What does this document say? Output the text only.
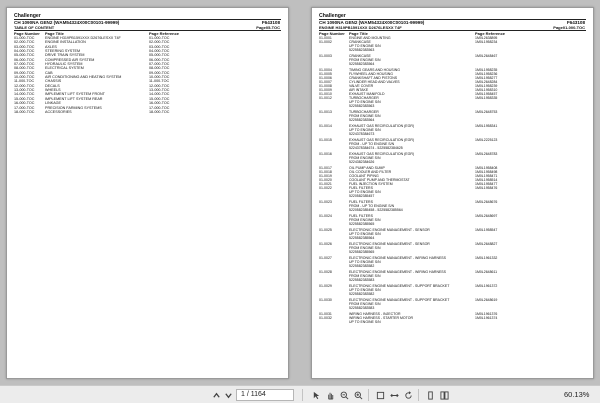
Challenger
CH 1090NA GEN2 (WAM54324X00C00101-99999)	F643108
TABLE OF CONTENT	Page05-TOC
Page Number Page Title	Page Reference
01-000-TOC	ENGINE H319PB1591XXX D2676LESXX T4F	01-000-TOC
02-000-TOC	ENGINE INSTALLATION	02-000-TOC
03-000-TOC	AXLES	03-000-TOC
04-000-TOC	STEERING SYSTEM	04-000-TOC
05-000-TOC	DRIVE TRAIN SYSTEM	05-000-TOC
06-000-TOC	COMPRESSED AIR SYSTEM	06-000-TOC
07-000-TOC	HYDRAULIC SYSTEM	07-000-TOC
08-000-TOC	ELECTRICAL SYSTEM	08-000-TOC
09-000-TOC	CAB	09-000-TOC
10-000-TOC	AIR CONDITIONING AND HEATING SYSTEM	10-000-TOC
11-000-TOC	CHASSIS	11-000-TOC
12-000-TOC	DECALS	12-000-TOC
13-000-TOC	WHEELS	13-000-TOC
14-000-TOC	IMPLEMENT LIFT SYSTEM FRONT	14-000-TOC
15-000-TOC	IMPLEMENT LIFT SYSTEM REAR	15-000-TOC
16-000-TOC	LINKAGE	16-000-TOC
17-000-TOC	PRECISION FARMING SYSTEMS	17-000-TOC
18-000-TOC	ACCESSORIES	18-000-TOC
Challenger
CH 1090NA GEN2 (WAM54324X00C00101-99999)	F643108
ENGINE H319PB1591XXX D2676LESXX T4F	Page01-000-TOC
Page Number Page Title	Page Reference
01-0001	ENGINE AND MOUNTING	1M0L2638895
01-0002	CRANKCASE	1M0L1958234
UP TO ENGINE S/N
5225582383563
01-0003	CRANKCASE	1M0L2648467
FROM ENGINE S/N
5225582383564
01-0004	TIMING GEARS AND HOUSING	1M0L1958235
01-0005	FLYWHEEL AND HOUSING	1M0L1958236
01-0006	CRANKSHAFT AND PISTONS	1M0L1958277
01-0007	CYLINDER HEAD AND VALVES	1M0L2648284
01-0008	VALVE COVER	1M0L1958239
01-0009	AIR INTAKE	1M0L1958310
01-0010	EXHAUST MANIFOLD	1M0L1958457
01-0012	TURBOCHARGER	1M0L1958335
UP TO ENGINE S/N
5225582383563
01-0013	TURBOCHARGER	1M0L2648753
FROM ENGINE S/N
5225582383564
01-0014	EXHAUST GAS RECIRCULATION (EGR)	1M0L1958341
UP TO ENGINE S/N
5224378384673
01-0015	EXHAUST GAS RECIRCULATION (EGR)	1M0L2225123
FROM - UP TO ENGINE S/N
5224378384674 - 5225582384625
01-0016	EXHAUST GAS RECIRCULATION (EGR)	1M0L2648783
FROM ENGINE S/N
5224382384626
01-0017	OIL PUMP AND SUMP	1M0L1958408
01-0018	OIL COOLER AND FILTER	1M0L1958498
01-0019	COOLANT PIPING	1M0L1958471
01-0020	COOLANT PUMP AND THERMOSTAT	1M0L1958514
01-0021	FUEL INJECTION SYSTEM	1M0L1958477
01-0022	FUEL FILTERS	1M0L1958476
UP TO ENGINE S/N
5220582385457
01-0023	FUEL FILTERS	1M0L2648676
FROM - UP TO ENGINE S/N
5220582385458 - 5225582385564
01-0024	FUEL FILTERS	1M0L2648697
FROM ENGINE S/N
5225582385565
01-0025	ELECTRONIC ENGINE MANAGEMENT - SENSOR	1M0L1958547
UP TO ENGINE S/N
5225582385564
01-0026	ELECTRONIC ENGINE MANAGEMENT - SENSOR	1M0L2648827
FROM ENGINE S/N
5225582385565
01-0027	ELECTRONIC ENGINE MANAGEMENT - WIRING HARNESS	1M0L1961332
UP TO ENGINE S/N
5225582383582
01-0028	ELECTRONIC ENGINE MANAGEMENT - WIRING HARNESS	1M0L2648611
FROM ENGINE S/N
5225582383583
01-0029	ELECTRONIC ENGINE MANAGEMENT - SUPPORT BRACKET	1M0L1961372
UP TO ENGINE S/N
5225582383582
01-0030	ELECTRONIC ENGINE MANAGEMENT - SUPPORT BRACKET	1M0L2648619
FROM ENGINE S/N
5225582383583
01-0031	WIRING HARNESS - INJECTOR	1M0L1961376
01-0032	WIRING HARNESS - STARTER MOTOR	1M0L1961374
UP TO ENGINE S/N
1 / 1164	60.13%
